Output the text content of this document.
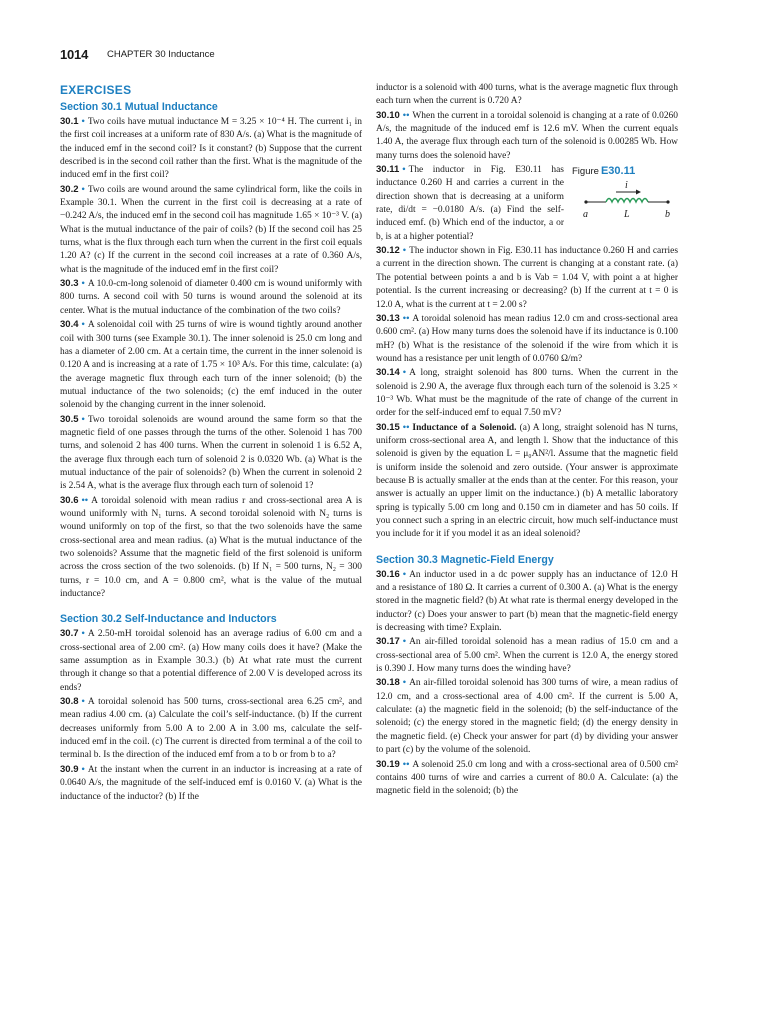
1014 CHAPTER 30 Inductance
EXERCISES
Section 30.1 Mutual Inductance

30.1 • Two coils have mutual inductance M = 3.25 × 10⁻⁴ H. The current i₁ in the first coil increases at a uniform rate of 830 A/s. (a) What is the magnitude of the induced emf in the second coil? Is it constant? (b) Suppose that the current described is in the second coil rather than the first. What is the magnitude of the induced emf in the first coil?

30.2 • Two coils are wound around the same cylindrical form, like the coils in Example 30.1. When the current in the first coil is decreasing at a rate of −0.242 A/s, the induced emf in the second coil has magnitude 1.65 × 10⁻³ V. (a) What is the mutual inductance of the pair of coils? (b) If the second coil has 25 turns, what is the flux through each turn when the current in the first coil equals 1.20 A? (c) If the current in the second coil increases at a rate of 0.360 A/s, what is the magnitude of the induced emf in the first coil?

30.3 • A 10.0-cm-long solenoid of diameter 0.400 cm is wound uniformly with 800 turns. A second coil with 50 turns is wound around the solenoid at its center. What is the mutual inductance of the combination of the two coils?

30.4 • A solenoidal coil with 25 turns of wire is wound tightly around another coil with 300 turns (see Example 30.1). The inner solenoid is 25.0 cm long and has a diameter of 2.00 cm. At a certain time, the current in the inner solenoid is 0.120 A and is increasing at a rate of 1.75 × 10³ A/s. For this time, calculate: (a) the average magnetic flux through each turn of the inner solenoid; (b) the mutual inductance of the two solenoids; (c) the emf induced in the outer solenoid by the changing current in the inner solenoid.

30.5 • Two toroidal solenoids are wound around the same form so that the magnetic field of one passes through the turns of the other. Solenoid 1 has 700 turns, and solenoid 2 has 400 turns. When the current in solenoid 1 is 6.52 A, the average flux through each turn of solenoid 2 is 0.0320 Wb. (a) What is the mutual inductance of the pair of solenoids? (b) When the current in solenoid 2 is 2.54 A, what is the average flux through each turn of solenoid 1?

30.6 •• A toroidal solenoid with mean radius r and cross-sectional area A is wound uniformly with N₁ turns. A second toroidal solenoid with N₂ turns is wound uniformly on top of the first, so that the two solenoids have the same cross-sectional area and mean radius. (a) What is the mutual inductance of the two solenoids? Assume that the magnetic field of the first solenoid is uniform across the cross section of the two solenoids. (b) If N₁ = 500 turns, N₂ = 300 turns, r = 10.0 cm, and A = 0.800 cm², what is the value of the mutual inductance?

Section 30.2 Self-Inductance and Inductors

30.7 • A 2.50-mH toroidal solenoid has an average radius of 6.00 cm and a cross-sectional area of 2.00 cm². (a) How many coils does it have? (Make the same assumption as in Example 30.3.) (b) At what rate must the current through it change so that a potential difference of 2.00 V is developed across its ends?

30.8 • A toroidal solenoid has 500 turns, cross-sectional area 6.25 cm², and mean radius 4.00 cm. (a) Calculate the coil’s self-inductance. (b) If the current decreases uniformly from 5.00 A to 2.00 A in 3.00 ms, calculate the self-induced emf in the coil. (c) The current is directed from terminal a of the coil to terminal b. Is the direction of the induced emf from a to b or from b to a?

30.9 • At the instant when the current in an inductor is increasing at a rate of 0.0640 A/s, the magnitude of the self-induced emf is 0.0160 V. (a) What is the inductance of the inductor? (b) If the

inductor is a solenoid with 400 turns, what is the average magnetic flux through each turn when the current is 0.720 A?

30.10 •• When the current in a toroidal solenoid is changing at a rate of 0.0260 A/s, the magnitude of the induced emf is 12.6 mV. When the current equals 1.40 A, the average flux through each turn of the solenoid is 0.00285 Wb. How many turns does the solenoid have?

Figure E30.11
i
a	L	b

30.11 • The inductor in Fig. E30.11 has inductance 0.260 H and carries a current in the direction shown that is decreasing at a uniform rate, di/dt = −0.0180 A/s. (a) Find the self-induced emf. (b) Which end of the inductor, a or b, is at a higher potential?

30.12 • The inductor shown in Fig. E30.11 has inductance 0.260 H and carries a current in the direction shown. The current is changing at a constant rate. (a) The potential between points a and b is Vab = 1.04 V, with point a at higher potential. Is the current increasing or decreasing? (b) If the current at t = 0 is 12.0 A, what is the current at t = 2.00 s?

30.13 •• A toroidal solenoid has mean radius 12.0 cm and cross-sectional area 0.600 cm². (a) How many turns does the solenoid have if its inductance is 0.100 mH? (b) What is the resistance of the solenoid if the wire from which it is wound has a resistance per unit length of 0.0760 Ω/m?

30.14 • A long, straight solenoid has 800 turns. When the current in the solenoid is 2.90 A, the average flux through each turn of the solenoid is 3.25 × 10⁻³ Wb. What must be the magnitude of the rate of change of the current in order for the self-induced emf to equal 7.50 mV?

30.15 •• Inductance of a Solenoid. (a) A long, straight solenoid has N turns, uniform cross-sectional area A, and length l. Show that the inductance of this solenoid is given by the equation L = μ₀AN²/l. Assume that the magnetic field is uniform inside the solenoid and zero outside. (Your answer is approximate because B is actually smaller at the ends than at the center. For this reason, your answer is actually an upper limit on the inductance.) (b) A metallic laboratory spring is typically 5.00 cm long and 0.150 cm in diameter and has 50 coils. If you connect such a spring in an electric circuit, how much self-inductance must you include for it if you model it as an ideal solenoid?

Section 30.3 Magnetic-Field Energy

30.16 • An inductor used in a dc power supply has an inductance of 12.0 H and a resistance of 180 Ω. It carries a current of 0.300 A. (a) What is the energy stored in the magnetic field? (b) At what rate is thermal energy developed in the inductor? (c) Does your answer to part (b) mean that the magnetic-field energy is decreasing with time? Explain.

30.17 • An air-filled toroidal solenoid has a mean radius of 15.0 cm and a cross-sectional area of 5.00 cm². When the current is 12.0 A, the energy stored is 0.390 J. How many turns does the winding have?

30.18 • An air-filled toroidal solenoid has 300 turns of wire, a mean radius of 12.0 cm, and a cross-sectional area of 4.00 cm². If the current is 5.00 A, calculate: (a) the magnetic field in the solenoid; (b) the self-inductance of the solenoid; (c) the energy stored in the magnetic field; (d) the energy density in the magnetic field. (e) Check your answer for part (d) by dividing your answer to part (c) by the volume of the solenoid.

30.19 •• A solenoid 25.0 cm long and with a cross-sectional area of 0.500 cm² contains 400 turns of wire and carries a current of 80.0 A. Calculate: (a) the magnetic field in the solenoid; (b) the
